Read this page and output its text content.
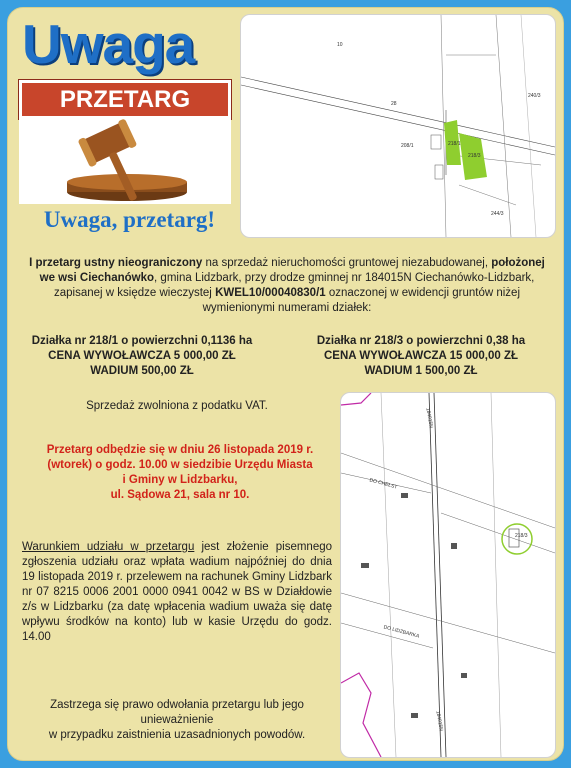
Uwaga
PRZETARG
Uwaga, przetarg!
10
28
218/1
218/3
240/3
244/3
208/1
I przetarg ustny nieograniczony na sprzedaż nieruchomości gruntowej niezabudowanej, położonej we wsi Ciechanówko, gmina Lidzbark, przy drodze gminnej nr 184015N Ciechanówko-Lidzbark, zapisanej w księdze wieczystej KWEL10/00040830/1 oznaczonej w ewidencji gruntów niżej wymienionymi numerami działek:
Działka nr 218/1 o powierzchni 0,1136 ha
CENA WYWOŁAWCZA 5 000,00 ZŁ
WADIUM 500,00 ZŁ
Działka nr 218/3 o powierzchni 0,38 ha
CENA WYWOŁAWCZA 15 000,00 ZŁ
WADIUM 1 500,00 ZŁ
Sprzedaż zwolniona z podatku VAT.
Przetarg odbędzie się w dniu 26 listopada 2019 r.
(wtorek) o godz. 10.00 w siedzibie Urzędu Miasta
i Gminy w Lidzbarku,
ul. Sądowa 21, sala nr 10.
Warunkiem udziału w przetargu jest złożenie pisemnego zgłoszenia udziału oraz wpłata wadium najpóźniej do dnia 19 listopada 2019 r. przelewem na rachunek Gminy Lidzbark nr 07 8215 0006 2001 0000 0941 0042 w BS w Działdowie z/s w Lidzbarku (za datę wpłacenia wadium uważa się datę wpływu środków na konto) lub w kasie Urzędu do godz. 14.00
Zastrzega się prawo odwołania przetargu lub jego
unieważnienie
w przypadku zaistnienia uzasadnionych powodów.
184015N
DO CHEŁST
218/3
DO LIDZBARKA
184015N
